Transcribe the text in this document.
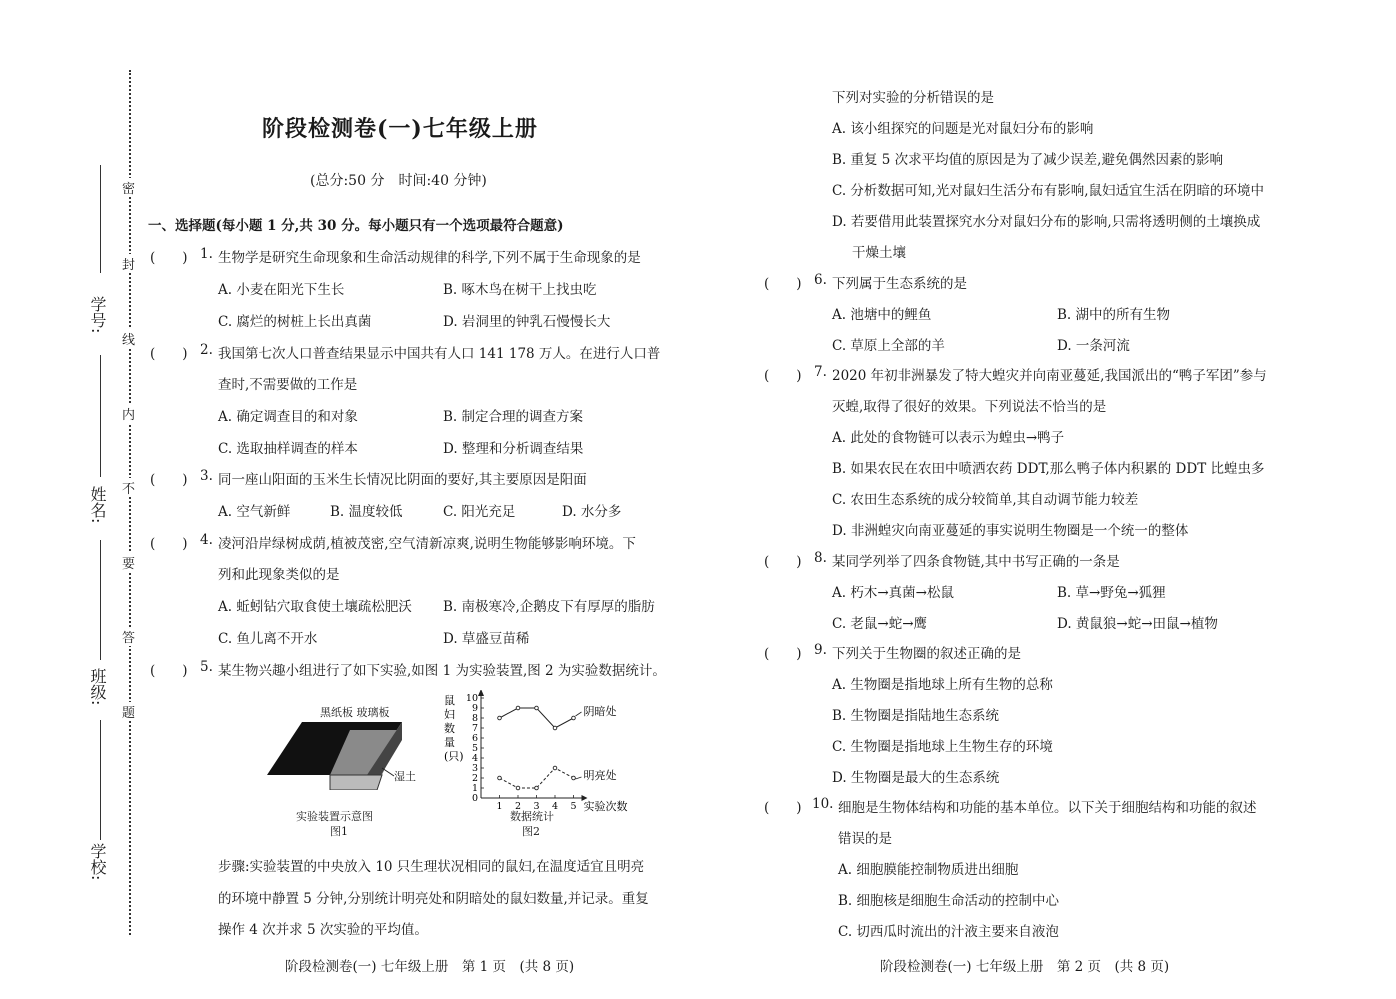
密
封
线
内
不
要
答
题
学号:
姓名:
班级:
学校:
阶段检测卷(一)七年级上册
(总分:50 分　时间:40 分钟)
一、选择题(每小题 1 分,共 30 分。每小题只有一个选项最符合题意)
(　　) 1. 生物学是研究生命现象和生命活动规律的科学,下列不属于生命现象的是
A. 小麦在阳光下生长	B. 啄木鸟在树干上找虫吃
C. 腐烂的树桩上长出真菌	D. 岩洞里的钟乳石慢慢长大
(　　) 2. 我国第七次人口普查结果显示中国共有人口 141 178 万人。在进行人口普
查时,不需要做的工作是
A. 确定调查目的和对象	B. 制定合理的调查方案
C. 选取抽样调查的样本	D. 整理和分析调查结果
(　　) 3. 同一座山阳面的玉米生长情况比阴面的要好,其主要原因是阳面
A. 空气新鲜	B. 温度较低	C. 阳光充足	D. 水分多
(　　) 4. 凌河沿岸绿树成荫,植被茂密,空气清新凉爽,说明生物能够影响环境。下
列和此现象类似的是
A. 蚯蚓钻穴取食使土壤疏松肥沃 B. 南极寒冷,企鹅皮下有厚厚的脂肪
C. 鱼儿离不开水	D. 草盛豆苗稀
(　　) 5. 某生物兴趣小组进行了如下实验,如图 1 为实验装置,图 2 为实验数据统计。
黑纸板 玻璃板
湿土
实验装置示意图
图1
0
1
2
3
4
5
6
7
8
9
10
鼠
妇
数
量
(只)
1 2 3 4 5 实验次数
阴暗处
明亮处
数据统计
图2
步骤:实验装置的中央放入 10 只生理状况相同的鼠妇,在温度适宜且明亮
的环境中静置 5 分钟,分别统计明亮处和阴暗处的鼠妇数量,并记录。重复
操作 4 次并求 5 次实验的平均值。
阶段检测卷(一) 七年级上册　第 1 页　(共 8 页)
下列对实验的分析错误的是
A. 该小组探究的问题是光对鼠妇分布的影响
B. 重复 5 次求平均值的原因是为了减少误差,避免偶然因素的影响
C. 分析数据可知,光对鼠妇生活分布有影响,鼠妇适宜生活在阴暗的环境中
D. 若要借用此装置探究水分对鼠妇分布的影响,只需将透明侧的土壤换成
干燥土壤
(　　) 6. 下列属于生态系统的是
A. 池塘中的鲤鱼	B. 湖中的所有生物
C. 草原上全部的羊	D. 一条河流
(　　) 7. 2020 年初非洲暴发了特大蝗灾并向南亚蔓延,我国派出的“鸭子军团”参与
灭蝗,取得了很好的效果。下列说法不恰当的是
A. 此处的食物链可以表示为蝗虫→鸭子
B. 如果农民在农田中喷洒农药 DDT,那么鸭子体内积累的 DDT 比蝗虫多
C. 农田生态系统的成分较简单,其自动调节能力较差
D. 非洲蝗灾向南亚蔓延的事实说明生物圈是一个统一的整体
(　　) 8. 某同学列举了四条食物链,其中书写正确的一条是
A. 朽木→真菌→松鼠	B. 草→野兔→狐狸
C. 老鼠→蛇→鹰	D. 黄鼠狼→蛇→田鼠→植物
(　　) 9. 下列关于生物圈的叙述正确的是
A. 生物圈是指地球上所有生物的总称
B. 生物圈是指陆地生态系统
C. 生物圈是指地球上生物生存的环境
D. 生物圈是最大的生态系统
(　　) 10. 细胞是生物体结构和功能的基本单位。以下关于细胞结构和功能的叙述
错误的是
A. 细胞膜能控制物质进出细胞
B. 细胞核是细胞生命活动的控制中心
C. 切西瓜时流出的汁液主要来自液泡
阶段检测卷(一) 七年级上册　第 2 页　(共 8 页)
